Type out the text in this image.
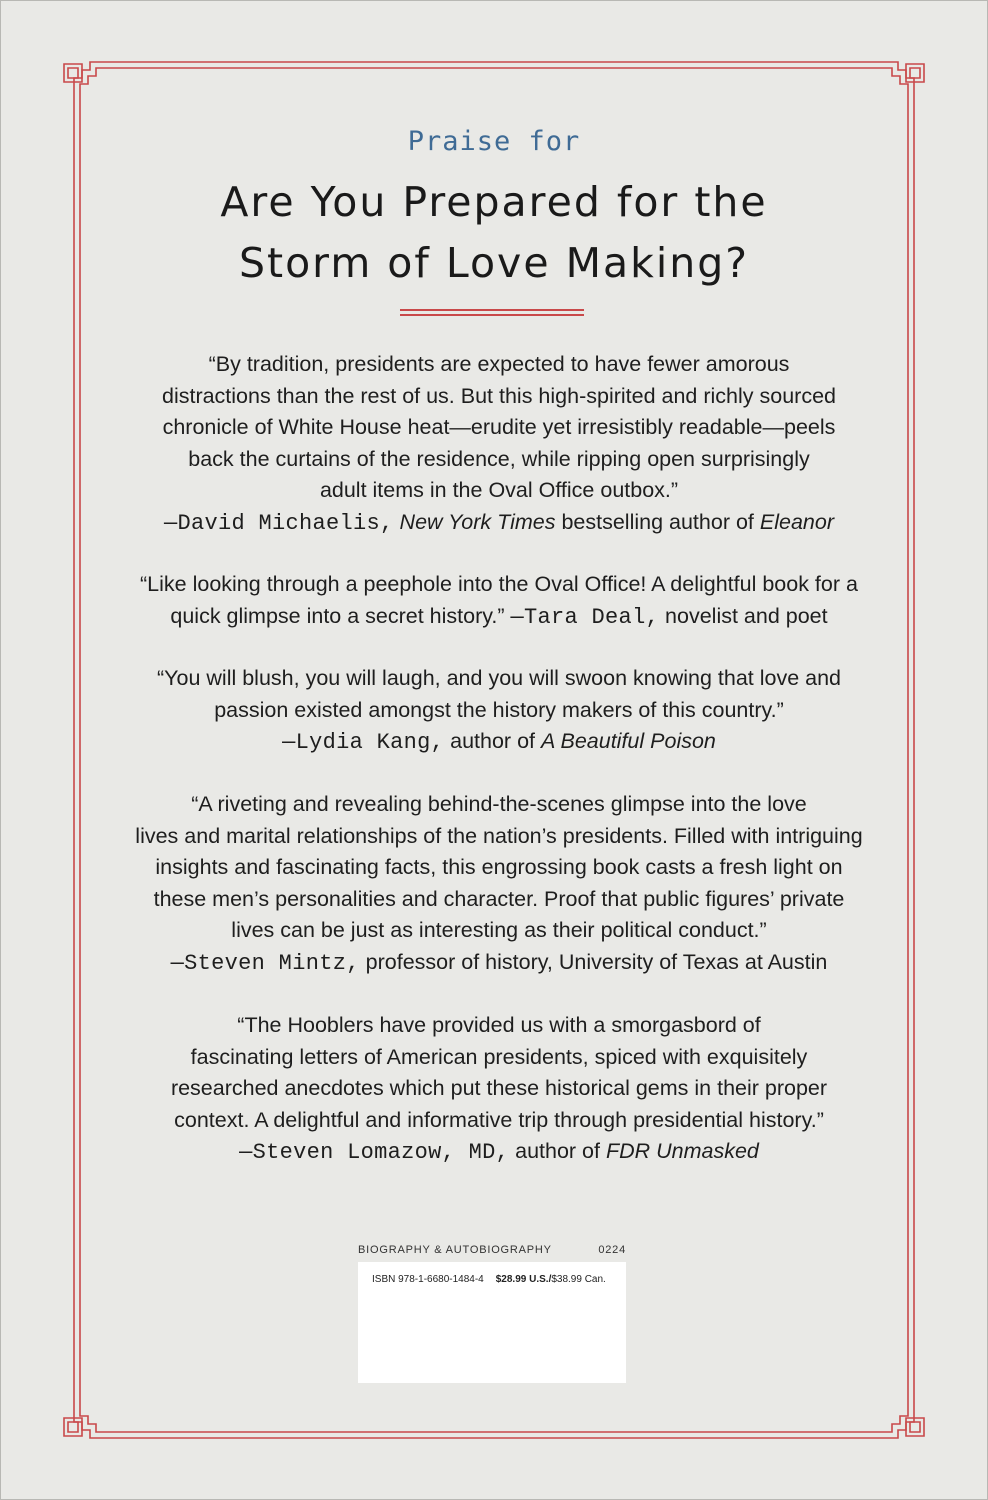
Praise for
Are You Prepared for the
Storm of Love Making?

“By tradition, presidents are expected to have fewer amorous

distractions than the rest of us. But this high-spirited and richly sourced

chronicle of White House heat—erudite yet irresistibly readable—peels

back the curtains of the residence, while ripping open surprisingly

adult items in the Oval Office outbox.”

—David Michaelis, New York Times bestselling author of Eleanor

“Like looking through a peephole into the Oval Office! A delightful book for a

quick glimpse into a secret history.” —Tara Deal, novelist and poet

“You will blush, you will laugh, and you will swoon knowing that love and

passion existed amongst the history makers of this country.”

—Lydia Kang, author of A Beautiful Poison

“A riveting and revealing behind-the-scenes glimpse into the love

lives and marital relationships of the nation’s presidents. Filled with intriguing

insights and fascinating facts, this engrossing book casts a fresh light on

these men’s personalities and character. Proof that public figures’ private

lives can be just as interesting as their political conduct.”

—Steven Mintz, professor of history, University of Texas at Austin

“The Hooblers have provided us with a smorgasbord of

fascinating letters of American presidents, spiced with exquisitely

researched anecdotes which put these historical gems in their proper

context. A delightful and informative trip through presidential history.”

—Steven Lomazow, MD, author of FDR Unmasked

BIOGRAPHY & AUTOBIOGRAPHY	0224
ISBN 978-1-6680-1484-4 $28.99 U.S./$38.99 Can.
